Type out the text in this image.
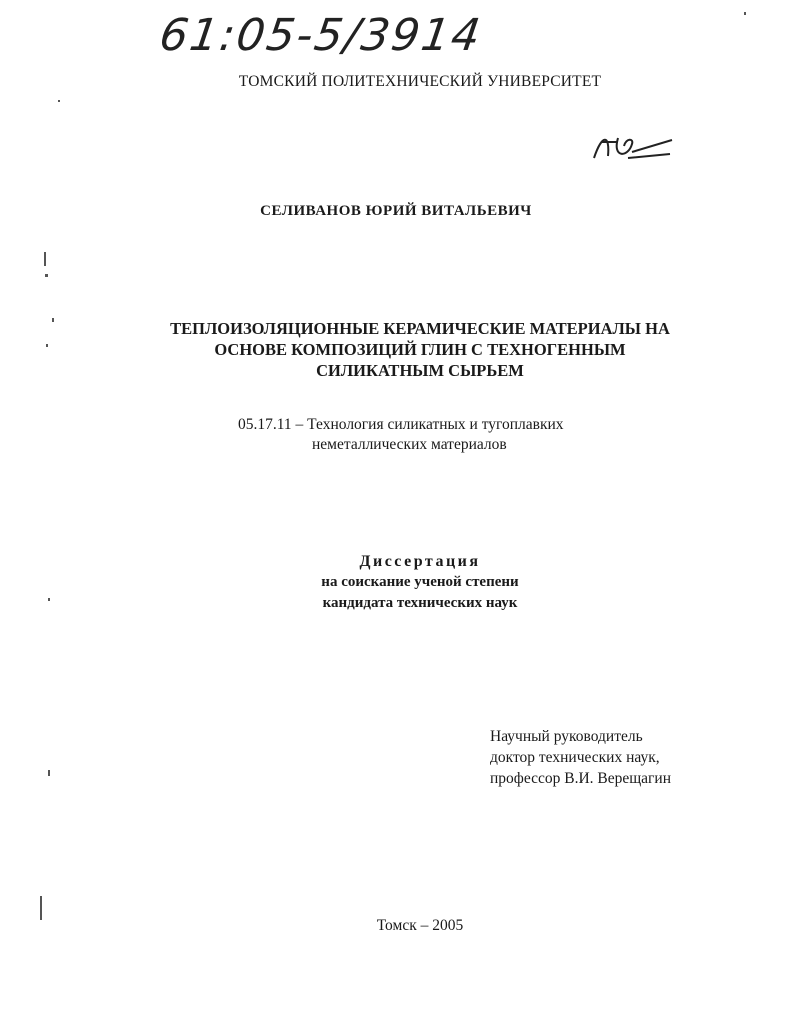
61:05-5/3914
ТОМСКИЙ ПОЛИТЕХНИЧЕСКИЙ УНИВЕРСИТЕТ
СЕЛИВАНОВ ЮРИЙ ВИТАЛЬЕВИЧ
ТЕПЛОИЗОЛЯЦИОННЫЕ КЕРАМИЧЕСКИЕ МАТЕРИАЛЫ НА
ОСНОВЕ КОМПОЗИЦИЙ ГЛИН С ТЕХНОГЕННЫМ
СИЛИКАТНЫМ СЫРЬЕМ
05.17.11 – Технология силикатных и тугоплавких
неметаллических материалов
Диссертация
на соискание ученой степени
кандидата технических наук
Научный руководитель
доктор технических наук,
профессор В.И. Верещагин
Томск – 2005
